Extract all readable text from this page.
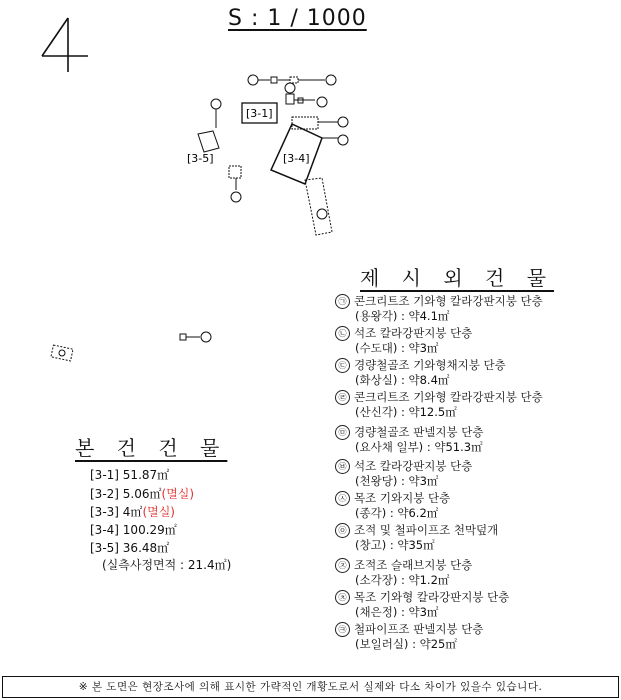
S : 1 / 1000
[3-1]
[3-4]
[3-5]
제 시 외 건 물
㉠ 콘크리트조 기와형 칼라강판지붕 단층
(용왕각) : 약4.1㎡
㉡ 석조 칼라강판지붕 단층
(수도대) : 약3㎡
㉢ 경량철골조 기와형채지붕 단층
(화상실) : 약8.4㎡
㉣ 콘크리트조 기와형 칼라강판지붕 단층
(산신각) : 약12.5㎡
㉤ 경량철골조 판넬지붕 단층
(요사채 일부) : 약51.3㎡
㉥ 석조 칼라강판지붕 단층
(천왕당) : 약3㎡
㉦ 목조 기와지붕 단층
(종각) : 약6.2㎡
㉧ 조적 및 철파이프조 천막덮개
(창고) : 약35㎡
㉨ 조적조 슬래브지붕 단층
(소각장) : 약1.2㎡
㉩ 목조 기와형 칼라강판지붕 단층
(채은정) : 약3㎡
㉪ 철파이프조 판넬지붕 단층
(보일러실) : 약25㎡
본 건 건 물
[3-1] 51.87㎡
[3-2] 5.06㎡(멸실)
[3-3] 4㎡(멸실)
[3-4] 100.29㎡
[3-5] 36.48㎡
(실측사정면적 : 21.4㎡)
※ 본 도면은 현장조사에 의해 표시한 가략적인 개황도로서 실제와 다소 차이가 있을수 있습니다.
